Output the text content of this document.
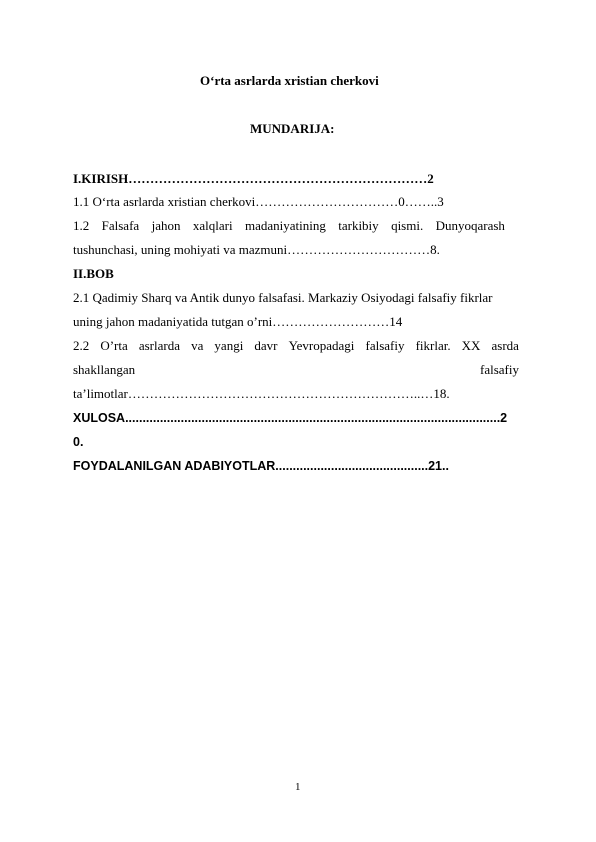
O‘rta asrlarda xristian cherkovi
MUNDARIJA:
I.KIRISH……………………………………………………………2
1.1 O‘rta asrlarda xristian cherkovi……………………………0……..3
1.2 Falsafa jahon xalqlari madaniyatining tarkibiy qismi. Dunyoqarash
tushunchasi, uning mohiyati va mazmuni……………………………8.
II.BOB
2.1 Qadimiy Sharq va Antik dunyo falsafasi. Markaziy Osiyodagi falsafiy fikrlar
uning jahon madaniyatida tutgan o’rni………………………14
2.2 O’rta asrlarda va yangi davr Yevropadagi falsafiy fikrlar. XX asrda
shakllangan	falsafiy
ta’limotlar…………………………………………………………..…18.
XULOSA............................................................................................................2
0.
FOYDALANILGAN ADABIYOTLAR............................................21..
1
